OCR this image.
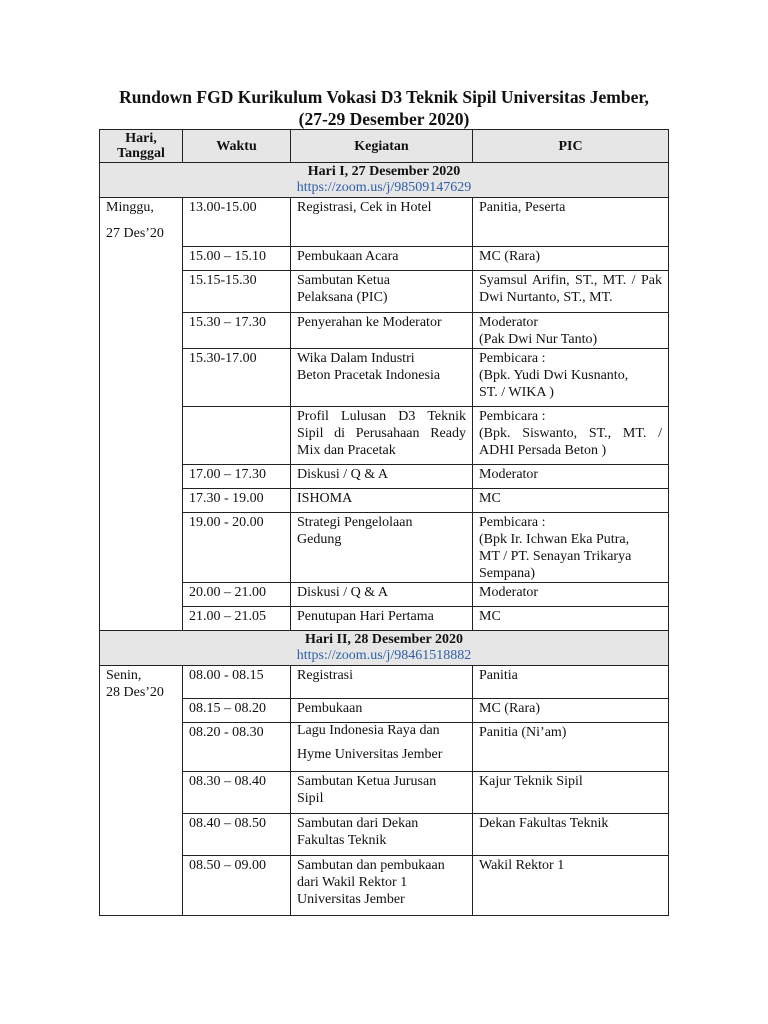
Rundown FGD Kurikulum Vokasi D3 Teknik Sipil Universitas Jember,
(27-29 Desember 2020)
Hari,
Tanggal	Waktu	Kegiatan	PIC

Hari I, 27 Desember 2020
https://zoom.us/j/98509147629			

Minggu,

27 Des’20	13.00-15.00	Registrasi, Cek in Hotel	Panitia, Peserta
	15.00 – 15.10	Pembukaan Acara	MC (Rara)
	15.15-15.30	Sambutan Ketua
Pelaksana (PIC)	Syamsul Arifin, ST., MT. / Pak Dwi Nurtanto, ST., MT.
	15.30 – 17.30	Penyerahan ke Moderator	Moderator
(Pak Dwi Nur Tanto)
	15.30-17.00	Wika Dalam Industri
Beton Pracetak Indonesia	Pembicara :
(Bpk. Yudi Dwi Kusnanto,
ST. / WIKA )
		Profil Lulusan D3 Teknik Sipil di Perusahaan Ready Mix dan Pracetak	Pembicara :
(Bpk. Siswanto, ST., MT. / ADHI Persada Beton )
	17.00 – 17.30	Diskusi / Q & A	Moderator
	17.30 - 19.00	ISHOMA	MC
	19.00 - 20.00	Strategi Pengelolaan
Gedung	Pembicara :
(Bpk Ir. Ichwan Eka Putra,
MT / PT. Senayan Trikarya
Sempana)
	20.00 – 21.00	Diskusi / Q & A	Moderator
	21.00 – 21.05	Penutupan Hari Pertama	MC

Hari II, 28 Desember 2020
https://zoom.us/j/98461518882			

Senin,
28 Des’20	08.00 - 08.15	Registrasi	Panitia
	08.15 – 08.20	Pembukaan	MC (Rara)
	08.20 - 08.30	Lagu Indonesia Raya dan

Hyme Universitas Jember	Panitia (Ni’am)
	08.30 – 08.40	Sambutan Ketua Jurusan
Sipil	Kajur Teknik Sipil
	08.40 – 08.50	Sambutan dari Dekan
Fakultas Teknik	Dekan Fakultas Teknik
	08.50 – 09.00	Sambutan dan pembukaan
dari Wakil Rektor 1
Universitas Jember	Wakil Rektor 1
